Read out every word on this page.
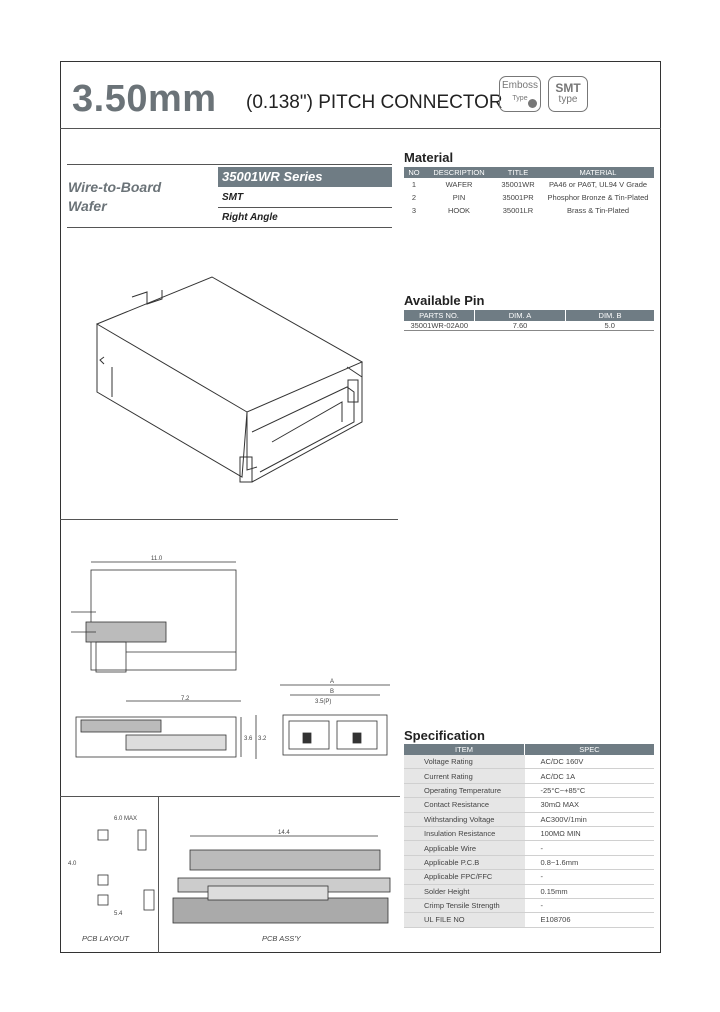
3.50mm (0.138") PITCH CONNECTOR
Emboss
Type
SMT
type
Wire-to-Board
Wafer
35001WR Series
SMT
Right Angle
Material
NO	DESCRIPTION	TITLE	MATERIAL
1	WAFER	35001WR	PA46 or PA6T, UL94 V Grade
2	PIN	35001PR	Phosphor Bronze & Tin-Plated
3	HOOK	35001LR	Brass & Tin-Plated
Available Pin
PARTS NO.	DIM. A	DIM. B
35001WR-02A00	7.60	5.0
11.0
7.2
3.6 3.2
A
B
3.5(P)
Specification
ITEM	SPEC
Voltage Rating	AC/DC 160V
Current Rating	AC/DC 1A
Operating Temperature	-25°C~+85°C
Contact Resistance	30mΩ MAX
Withstanding Voltage	AC300V/1min
Insulation Resistance	100MΩ MIN
Applicable Wire	-
Applicable P.C.B	0.8~1.6mm
Applicable FPC/FFC	-
Solder Height	0.15mm
Crimp Tensile Strength	-
UL FILE NO	E108706
6.0 MAX
4.0
5.4
PCB LAYOUT
14.4
PCB ASS'Y
